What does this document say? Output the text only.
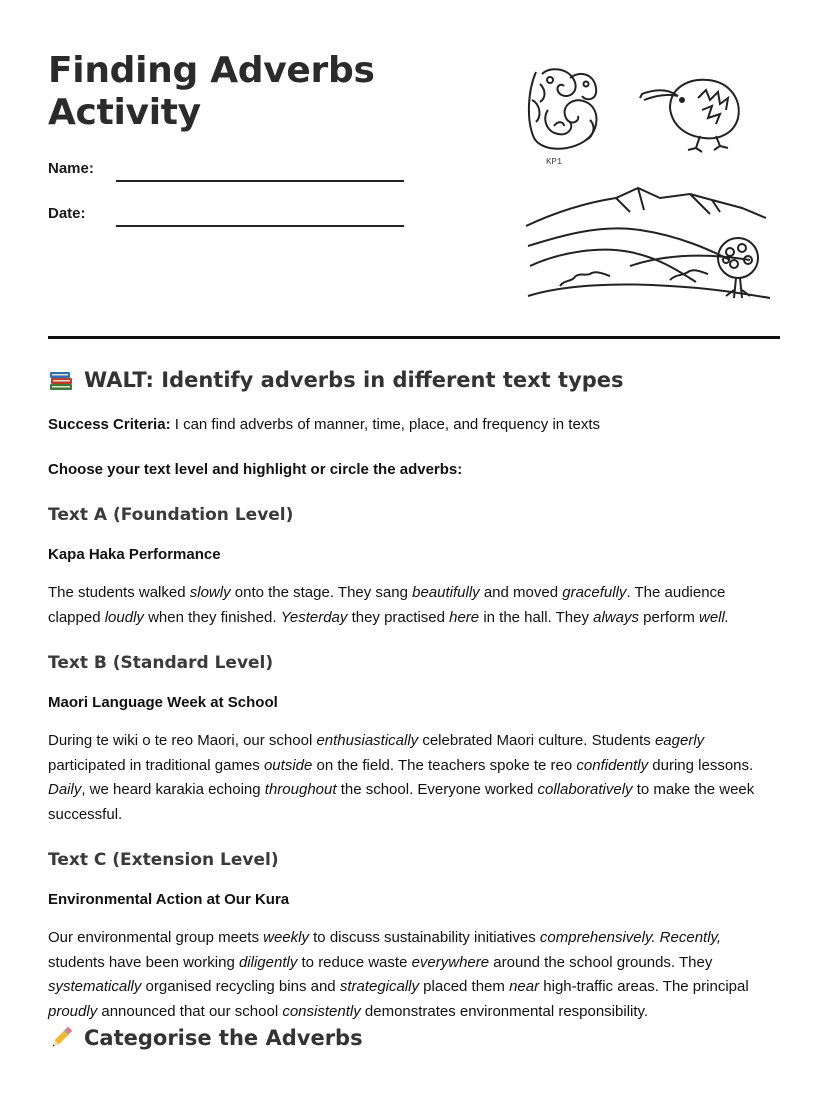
Finding Adverbs
Activity
Name:
Date:
KP1
WALT: Identify adverbs in different text types

Success Criteria: I can find adverbs of manner, time, place, and frequency in texts

Choose your text level and highlight or circle the adverbs:

Text A (Foundation Level)
Kapa Haka Performance

The students walked slowly onto the stage. They sang beautifully and moved gracefully. The audience clapped loudly when they finished. Yesterday they practised here in the hall. They always perform well.

Text B (Standard Level)
Maori Language Week at School

During te wiki o te reo Maori, our school enthusiastically celebrated Maori culture. Students eagerly participated in traditional games outside on the field. The teachers spoke te reo confidently during lessons. Daily, we heard karakia echoing throughout the school. Everyone worked collaboratively to make the week successful.

Text C (Extension Level)
Environmental Action at Our Kura

Our environmental group meets weekly to discuss sustainability initiatives comprehensively. Recently, students have been working diligently to reduce waste everywhere around the school grounds. They systematically organised recycling bins and strategically placed them near high-traffic areas. The principal proudly announced that our school consistently demonstrates environmental responsibility.

Categorise the Adverbs
